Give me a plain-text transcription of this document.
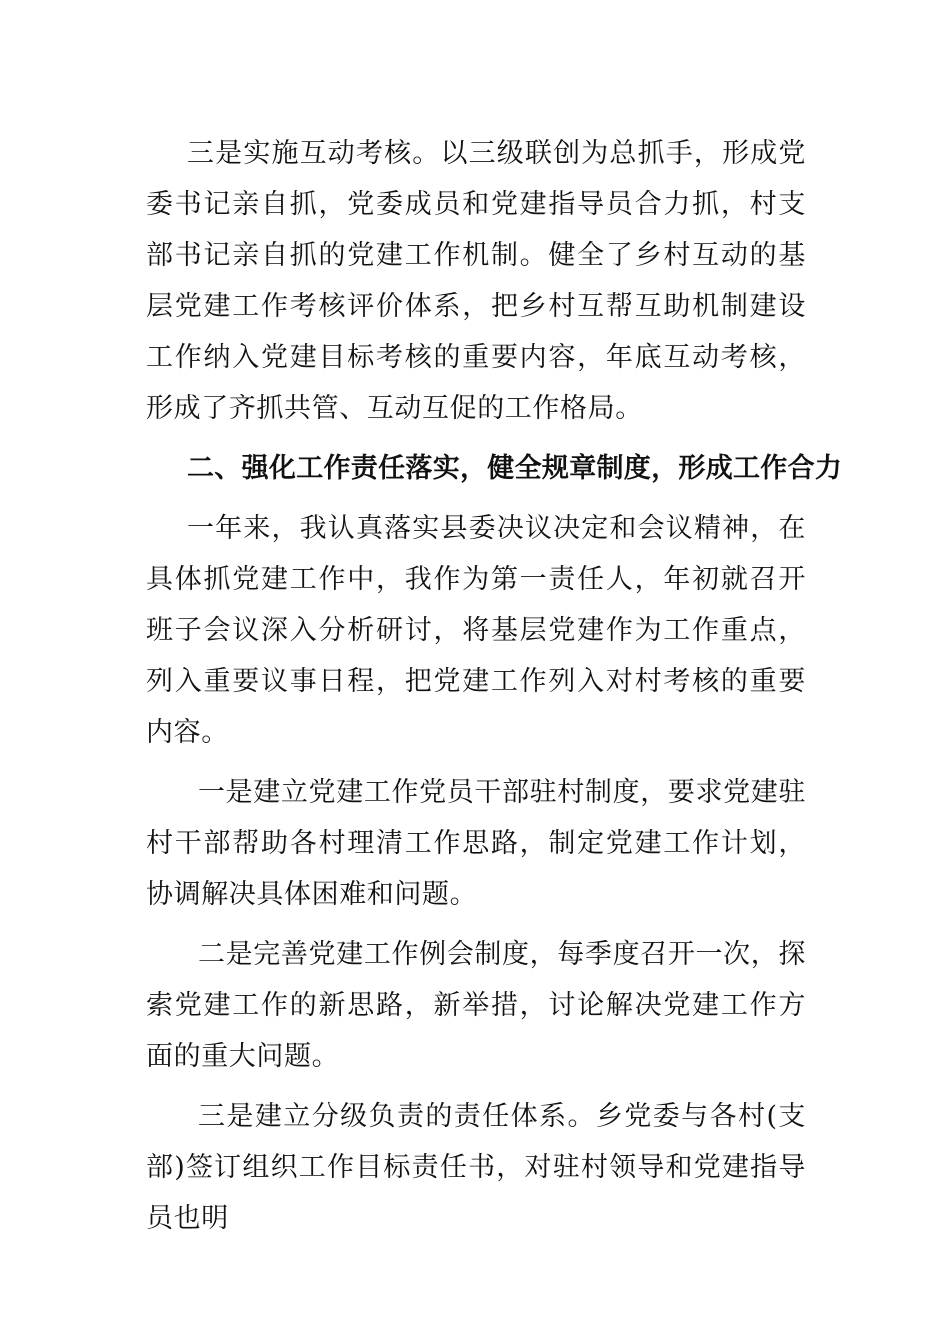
三是实施互动考核。以三级联创为总抓手，形成党委书记亲自抓，党委成员和党建指导员合力抓，村支部书记亲自抓的党建工作机制。健全了乡村互动的基层党建工作考核评价体系，把乡村互帮互助机制建设工作纳入党建目标考核的重要内容，年底互动考核，形成了齐抓共管、互动互促的工作格局。

二、强化工作责任落实，健全规章制度，形成工作合力

一年来，我认真落实县委决议决定和会议精神，在具体抓党建工作中，我作为第一责任人，年初就召开班子会议深入分析研讨，将基层党建作为工作重点，列入重要议事日程，把党建工作列入对村考核的重要内容。

一是建立党建工作党员干部驻村制度，要求党建驻村干部帮助各村理清工作思路，制定党建工作计划，协调解决具体困难和问题。

二是完善党建工作例会制度，每季度召开一次，探索党建工作的新思路，新举措，讨论解决党建工作方面的重大问题。

三是建立分级负责的责任体系。乡党委与各村(支部)签订组织工作目标责任书，对驻村领导和党建指导员也明
